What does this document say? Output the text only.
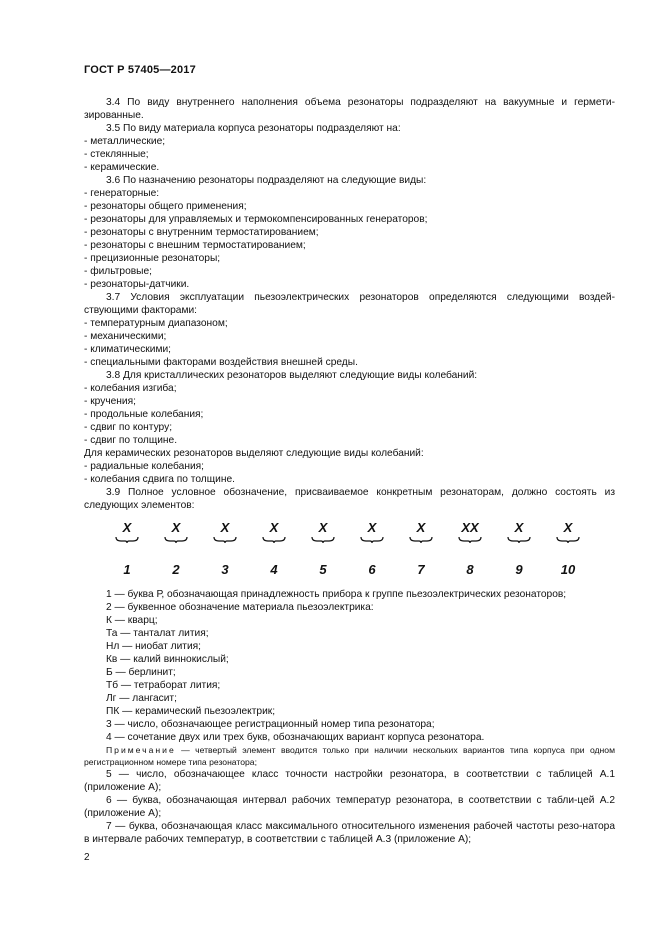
ГОСТ Р 57405—2017

3.4 По виду внутреннего наполнения объема резонаторы подразделяют на вакуумные и гермети-зированные.

3.5 По виду материала корпуса резонаторы подразделяют на:

- металлические;

- стеклянные;

- керамические.

3.6 По назначению резонаторы подразделяют на следующие виды:

- генераторные:

- резонаторы общего применения;

- резонаторы для управляемых и термокомпенсированных генераторов;

- резонаторы с внутренним термостатированием;

- резонаторы с внешним термостатированием;

- прецизионные резонаторы;

- фильтровые;

- резонаторы-датчики.

3.7 Условия эксплуатации пьезоэлектрических резонаторов определяются следующими воздей-ствующими факторами:

- температурным диапазоном;

- механическими;

- климатическими;

- специальными факторами воздействия внешней среды.

3.8 Для кристаллических резонаторов выделяют следующие виды колебаний:

- колебания изгиба;

- кручения;

- продольные колебания;

- сдвиг по контуру;

- сдвиг по толщине.

Для керамических резонаторов выделяют следующие виды колебаний:

- радиальные колебания;

- колебания сдвига по толщине.

3.9 Полное условное обозначение, присваиваемое конкретным резонаторам, должно состоять из следующих элементов:

Х
1
Х
2
Х
3
Х
4
Х
5
Х
6
Х
7
ХХ
8
Х
9
Х
10

1 — буква Р, обозначающая принадлежность прибора к группе пьезоэлектрических резонаторов;

2 — буквенное обозначение материала пьезоэлектрика:

К — кварц;

Та — танталат лития;

Нл — ниобат лития;

Кв — калий виннокислый;

Б — берлинит;

Тб — тетраборат лития;

Лг — лангасит;

ПК — керамический пьезоэлектрик;

3 — число, обозначающее регистрационный номер типа резонатора;

4 — сочетание двух или трех букв, обозначающих вариант корпуса резонатора.

Примечание — четвертый элемент вводится только при наличии нескольких вариантов типа корпуса при одном регистрационном номере типа резонатора;

5 — число, обозначающее класс точности настройки резонатора, в соответствии с таблицей А.1 (приложение А);

6 — буква, обозначающая интервал рабочих температур резонатора, в соответствии с табли-цей А.2 (приложение А);

7 — буква, обозначающая класс максимального относительного изменения рабочей частоты резо-натора в интервале рабочих температур, в соответствии с таблицей А.3 (приложение А);

2
